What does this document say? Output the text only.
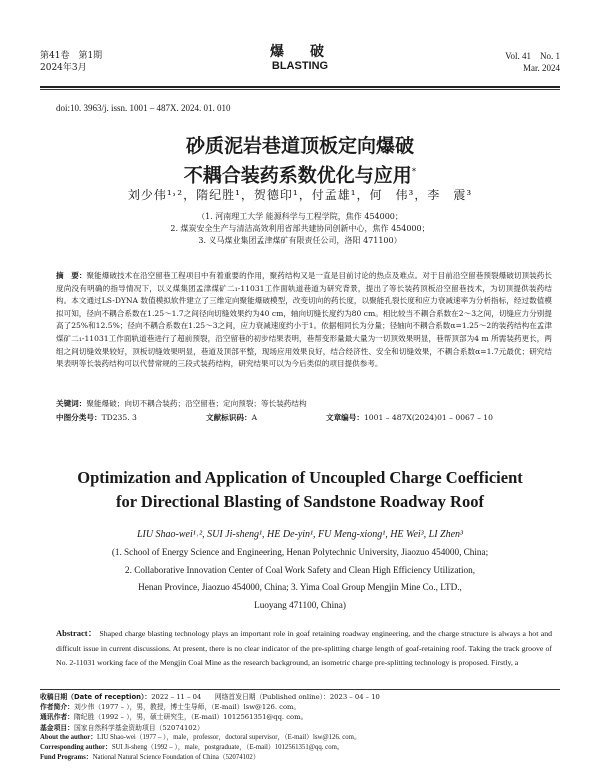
第41卷　第1期
2024年3月
爆　破
BLASTING
Vol. 41　No. 1
Mar. 2024
doi:10. 3963/j. issn. 1001 – 487X. 2024. 01. 010
砂质泥岩巷道顶板定向爆破
不耦合装药系数优化与应用*
刘少伟¹˒²，隋纪胜¹，贺德印¹，付孟雄¹，何　伟³，李　震³
（1. 河南理工大学 能源科学与工程学院，焦作 454000；
2. 煤炭安全生产与清洁高效利用省部共建协同创新中心，焦作 454000；
3. 义马煤业集团孟津煤矿有限责任公司，洛阳 471100）
摘　要：聚能爆破技术在沿空留巷工程项目中有着重要的作用，聚药结构又是一直是目前讨论的热点及难点。对于目前沿空留巷预裂爆破切顶装药长度尚没有明确的指导情况下，以义煤集团孟津煤矿二₁-11031工作面轨道巷道为研究背景，提出了等长装药顶板沿空留巷技术，为切顶提供装药结构。本文通过LS-DYNA 数值模拟软件建立了三维定向聚能爆破模型，改变切向的药长度，以聚能孔裂长度和应力衰减速率为分析指标，经过数值模拟可知，径向不耦合系数在1.25～1.7之间径向切缝效果约为40 cm，轴向切缝长度约为80 cm。相比较当不耦合系数在2～3之间，切缝应力分别提高了25%和12.5%；径向不耦合系数在1.25～3之间，应力衰减速度约小于1。依据相同长为分量；径轴向不耦合系数α=1.25～2的装药结构在孟津煤矿二₁-11031工作面轨道巷进行了超前预裂，沿空留巷的初步结果表明，巷帮变形量最大量为一切顶效果明显，巷帮顶部为4 m 所需装药更长，两组之间切缝效果较好，顶板切缝效果明显，巷道及顶部平整，现场应用效果良好，结合经济性、安全和切缝效果，不耦合系数α=1.7元最优；研究结果表明等长装药结构可以代替常规的三段式装药结构，研究结果可以为今后类似的项目提供参考。
关键词：聚能爆破；向切不耦合装药；沿空留巷；定向预裂；等长装药结构
中图分类号：TD235. 3	文献标识码：A	文章编号：1001 – 487X(2024)01 – 0067 – 10
Optimization and Application of Uncoupled Charge Coefficient
for Directional Blasting of Sandstone Roadway Roof
LIU Shao-wei¹˒², SUI Ji-sheng¹, HE De-yin¹, FU Meng-xiong¹, HE Wei³, LI Zhen³
(1. School of Energy Science and Engineering, Henan Polytechnic University, Jiaozuo 454000, China;
2. Collaborative Innovation Center of Coal Work Safety and Clean High Efficiency Utilization,
Henan Province, Jiaozuo 454000, China; 3. Yima Coal Group Mengjin Mine Co., LTD.,
Luoyang 471100, China)
Abstract： Shaped charge blasting technology plays an important role in goaf retaining roadway engineering, and the charge structure is always a hot and difficult issue in current discussions. At present, there is no clear indicator of the pre-splitting charge length of goaf-retaining roof. Taking the track groove of No. 2-11031 working face of the Mengjin Coal Mine as the research background, an isometric charge pre-splitting technology is proposed. Firstly, a
收稿日期（Date of reception）：2022 – 11 – 04　　网络首发日期（Published online）：2023 – 04 – 10
作者简介：刘少伟（1977 – ），男，教授，博士生导师，（E-mail）lsw@126. com。
通讯作者：隋纪胜（1992 – ），男，硕士研究生，（E-mail）1012561351@qq. com。
基金项目：国家自然科学基金资助项目（52074102）
About the author：LIU Shao-wei（1977 – ），male，professor，doctoral supervisor，（E-mail）lsw@126. com。
Corresponding author：SUI Ji-sheng（1992 – ），male，postgraduate，（E-mail）1012561351@qq. com。
Fund Programs：National Natural Science Foundation of China（52074102）
